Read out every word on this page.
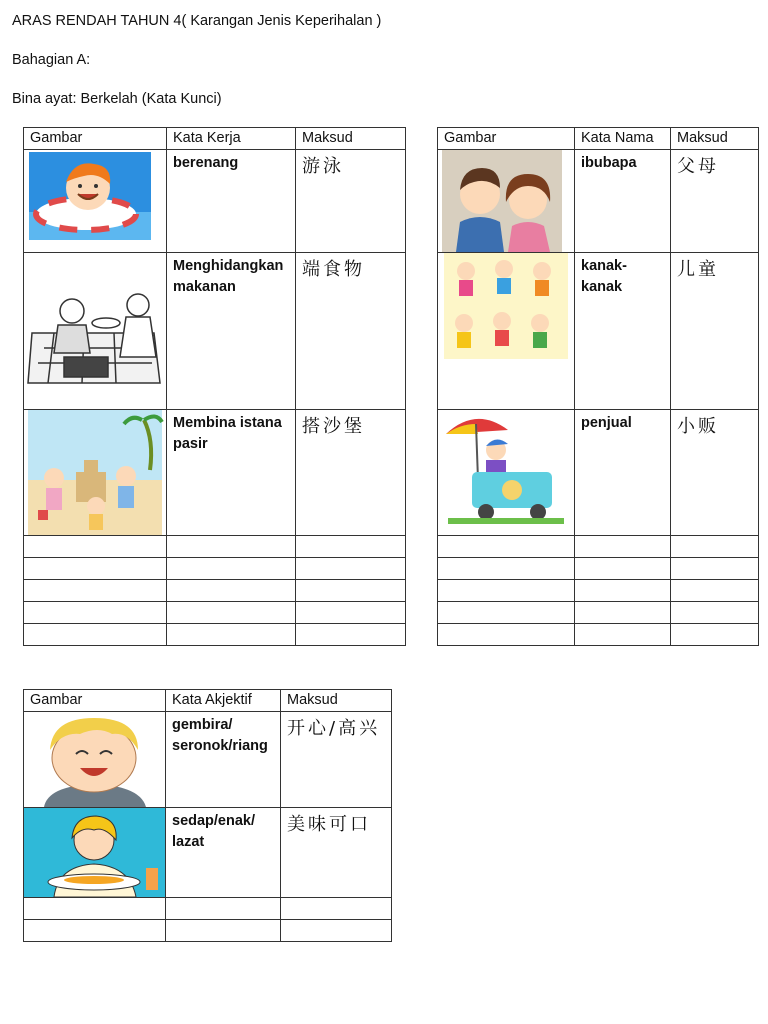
ARAS RENDAH TAHUN 4( Karangan Jenis Keperihalan )
Bahagian A:
Bina ayat: Berkelah (Kata Kunci)
Gambar	Kata Kerja	Maksud

	berenang	游泳

	Menghidangkan makanan	端食物

	Membina istana pasir	搭沙堡

Gambar	Kata Nama	Maksud

	ibubapa	父母

	kanak-kanak	儿童

	penjual	小贩

Gambar	Kata Akjektif	Maksud

	gembira/ seronok/riang	开心/高兴

	sedap/enak/ lazat	美味可口
